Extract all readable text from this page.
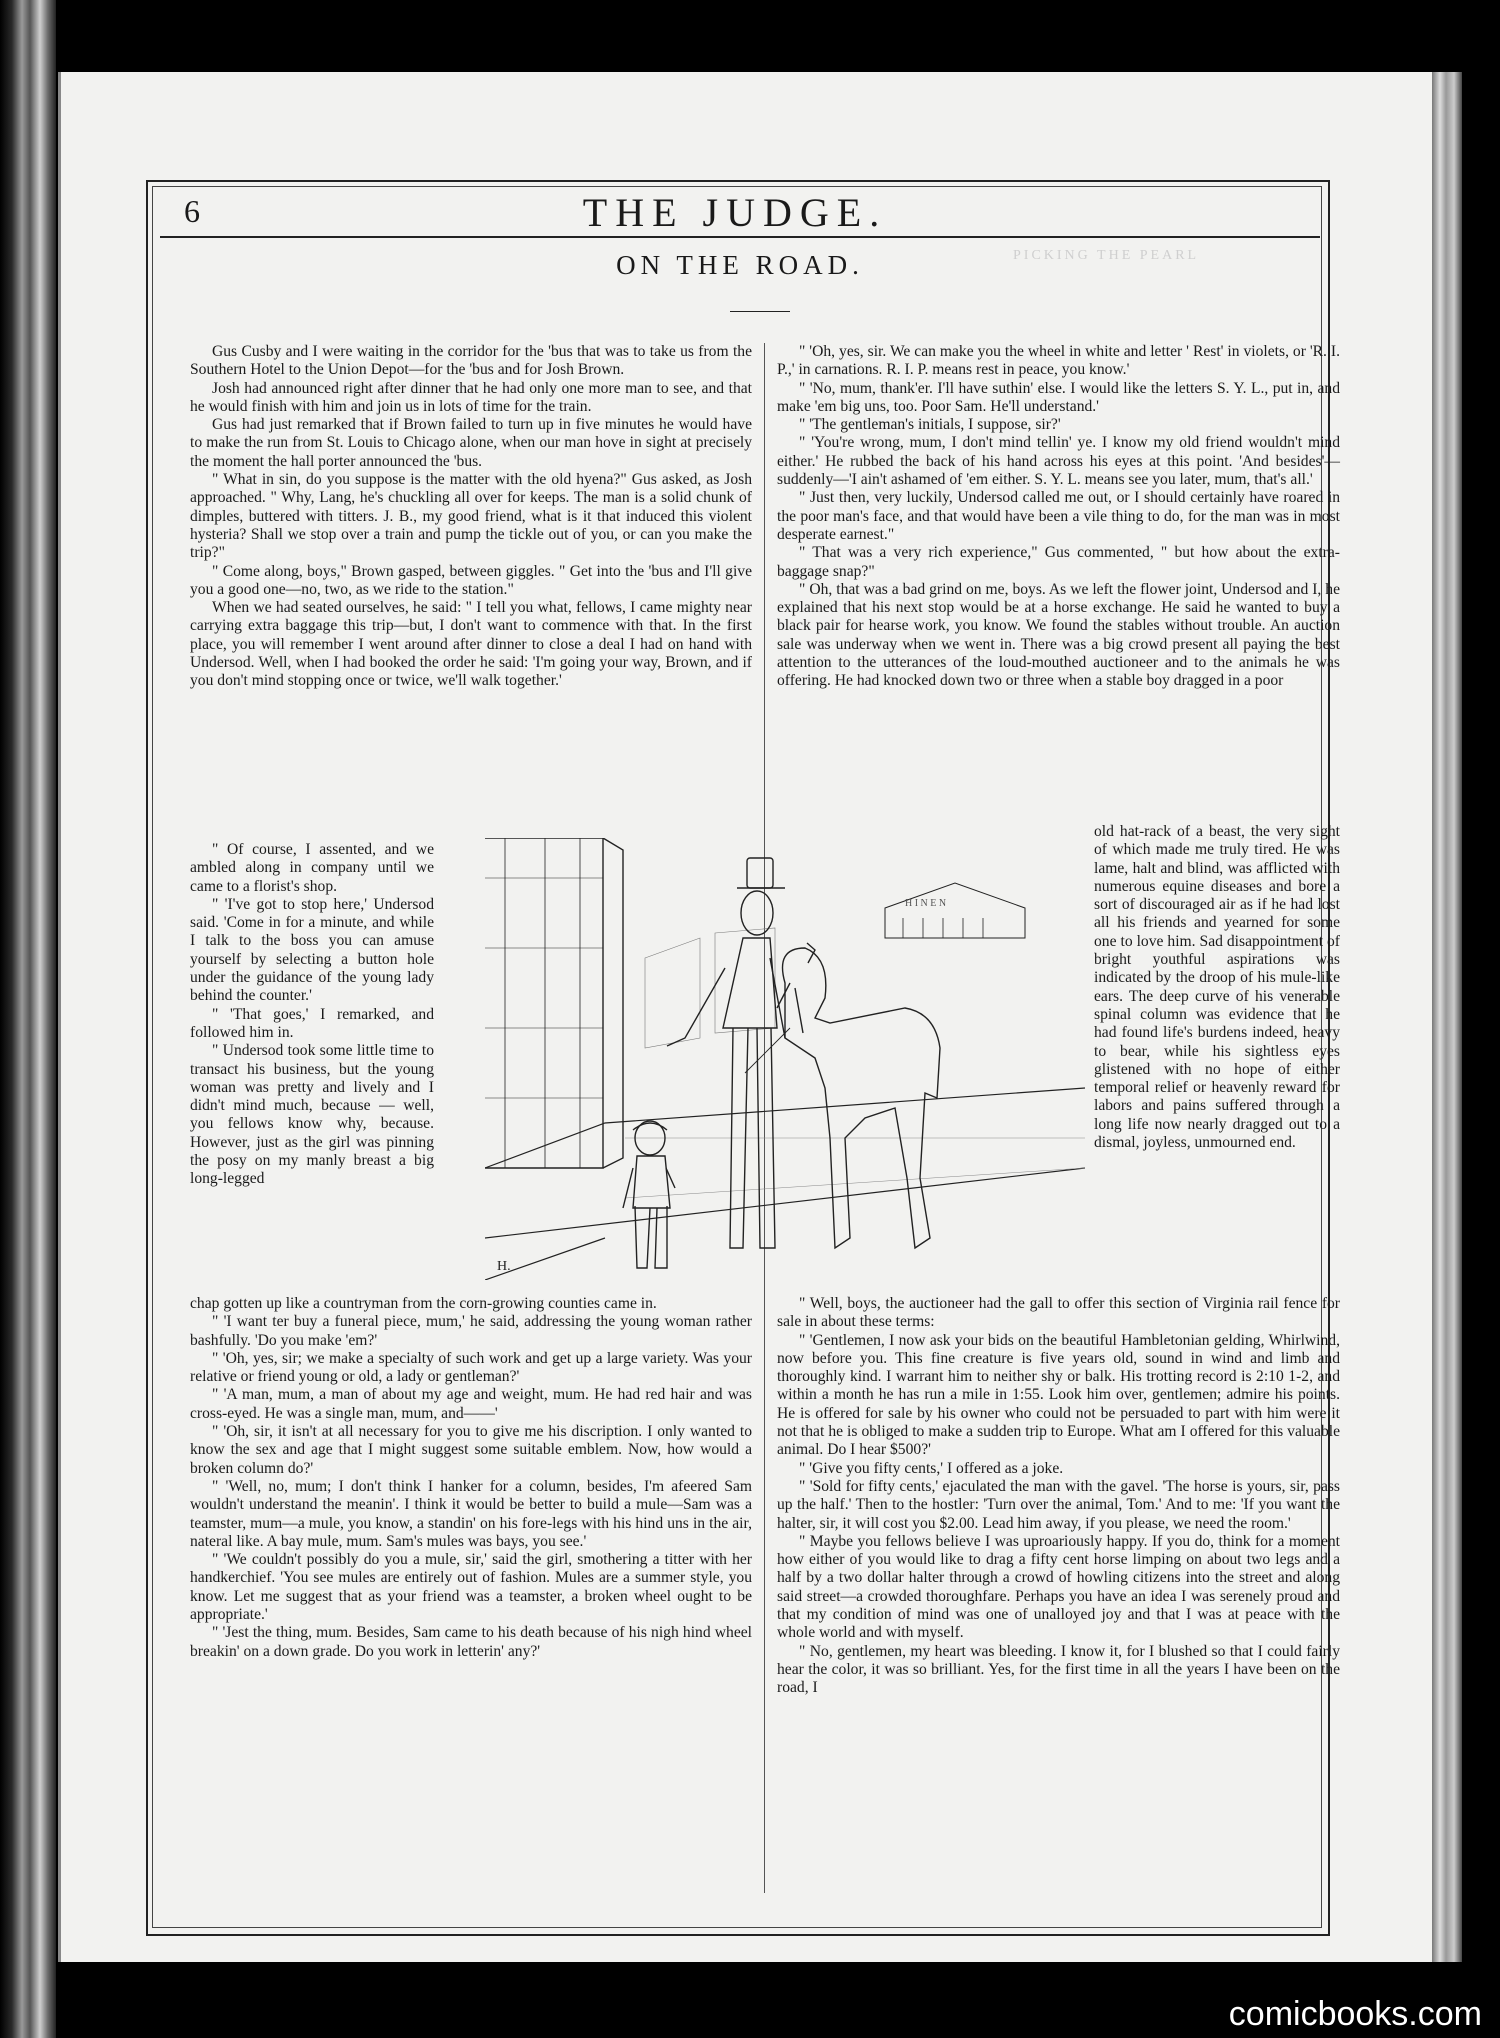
PICKING THE PEARL
6	THE JUDGE.
ON THE ROAD.

Gus Cusby and I were waiting in the corridor for the 'bus that was to take us from the Southern Hotel to the Union Depot—for the 'bus and for Josh Brown.

Josh had announced right after dinner that he had only one more man to see, and that he would finish with him and join us in lots of time for the train.

Gus had just remarked that if Brown failed to turn up in five minutes he would have to make the run from St. Louis to Chicago alone, when our man hove in sight at precisely the moment the hall porter announced the 'bus.

" What in sin, do you suppose is the matter with the old hyena?" Gus asked, as Josh approached. " Why, Lang, he's chuckling all over for keeps. The man is a solid chunk of dimples, buttered with titters. J. B., my good friend, what is it that induced this violent hysteria? Shall we stop over a train and pump the tickle out of you, or can you make the trip?"

" Come along, boys," Brown gasped, between giggles. " Get into the 'bus and I'll give you a good one—no, two, as we ride to the station."

When we had seated ourselves, he said: " I tell you what, fellows, I came mighty near carrying extra baggage this trip—but, I don't want to commence with that. In the first place, you will remember I went around after dinner to close a deal I had on hand with Undersod. Well, when I had booked the order he said: 'I'm going your way, Brown, and if you don't mind stopping once or twice, we'll walk together.'

" Of course, I assented, and we ambled along in company until we came to a florist's shop.

" 'I've got to stop here,' Undersod said. 'Come in for a minute, and while I talk to the boss you can amuse yourself by selecting a button hole under the guidance of the young lady behind the counter.'

" 'That goes,' I remarked, and followed him in.

" Undersod took some little time to transact his business, but the young woman was pretty and lively and I didn't mind much, because — well, you fellows know why, because. However, just as the girl was pinning the posy on my manly breast a big long-legged

chap gotten up like a countryman from the corn-growing counties came in.

" 'I want ter buy a funeral piece, mum,' he said, addressing the young woman rather bashfully. 'Do you make 'em?'

" 'Oh, yes, sir; we make a specialty of such work and get up a large variety. Was your relative or friend young or old, a lady or gentleman?'

" 'A man, mum, a man of about my age and weight, mum. He had red hair and was cross-eyed. He was a single man, mum, and——'

" 'Oh, sir, it isn't at all necessary for you to give me his discription. I only wanted to know the sex and age that I might suggest some suitable emblem. Now, how would a broken column do?'

" 'Well, no, mum; I don't think I hanker for a column, besides, I'm afeered Sam wouldn't understand the meanin'. I think it would be better to build a mule—Sam was a teamster, mum—a mule, you know, a standin' on his fore-legs with his hind uns in the air, nateral like. A bay mule, mum. Sam's mules was bays, you see.'

" 'We couldn't possibly do you a mule, sir,' said the girl, smothering a titter with her handkerchief. 'You see mules are entirely out of fashion. Mules are a summer style, you know. Let me suggest that as your friend was a teamster, a broken wheel ought to be appropriate.'

" 'Jest the thing, mum. Besides, Sam came to his death because of his nigh hind wheel breakin' on a down grade. Do you work in letterin' any?'

" 'Oh, yes, sir. We can make you the wheel in white and letter ' Rest' in violets, or 'R. I. P.,' in carnations. R. I. P. means rest in peace, you know.'

" 'No, mum, thank'er. I'll have suthin' else. I would like the letters S. Y. L., put in, and make 'em big uns, too. Poor Sam. He'll understand.'

" 'The gentleman's initials, I suppose, sir?'

" 'You're wrong, mum, I don't mind tellin' ye. I know my old friend wouldn't mind either.' He rubbed the back of his hand across his eyes at this point. 'And besides'—suddenly—'I ain't ashamed of 'em either. S. Y. L. means see you later, mum, that's all.'

" Just then, very luckily, Undersod called me out, or I should certainly have roared in the poor man's face, and that would have been a vile thing to do, for the man was in most desperate earnest."

" That was a very rich experience," Gus commented, " but how about the extra-baggage snap?"

" Oh, that was a bad grind on me, boys. As we left the flower joint, Undersod and I, he explained that his next stop would be at a horse exchange. He said he wanted to buy a black pair for hearse work, you know. We found the stables without trouble. An auction sale was underway when we went in. There was a big crowd present all paying the best attention to the utterances of the loud-mouthed auctioneer and to the animals he was offering. He had knocked down two or three when a stable boy dragged in a poor

old hat-rack of a beast, the very sight of which made me truly tired. He was lame, halt and blind, was afflicted with numerous equine diseases and bore a sort of discouraged air as if he had lost all his friends and yearned for some one to love him. Sad disappointment of bright youthful aspirations was indicated by the droop of his mule-like ears. The deep curve of his venerable spinal column was evidence that he had found life's burdens indeed, heavy to bear, while his sightless eyes glistened with no hope of either temporal relief or heavenly reward for labors and pains suffered through a long life now nearly dragged out to a dismal, joyless, unmourned end.

" Well, boys, the auctioneer had the gall to offer this section of Virginia rail fence for sale in about these terms:

" 'Gentlemen, I now ask your bids on the beautiful Hambletonian gelding, Whirlwind, now before you. This fine creature is five years old, sound in wind and limb and thoroughly kind. I warrant him to neither shy or balk. His trotting record is 2:10 1-2, and within a month he has run a mile in 1:55. Look him over, gentlemen; admire his points. He is offered for sale by his owner who could not be persuaded to part with him were it not that he is obliged to make a sudden trip to Europe. What am I offered for this valuable animal. Do I hear $500?'

" 'Give you fifty cents,' I offered as a joke.

" 'Sold for fifty cents,' ejaculated the man with the gavel. 'The horse is yours, sir, pass up the half.' Then to the hostler: 'Turn over the animal, Tom.' And to me: 'If you want the halter, sir, it will cost you $2.00. Lead him away, if you please, we need the room.'

" Maybe you fellows believe I was uproariously happy. If you do, think for a moment how either of you would like to drag a fifty cent horse limping on about two legs and a half by a two dollar halter through a crowd of howling citizens into the street and along said street—a crowded thoroughfare. Perhaps you have an idea I was serenely proud and that my condition of mind was one of unalloyed joy and that I was at peace with the whole world and with myself.

" No, gentlemen, my heart was bleeding. I know it, for I blushed so that I could fairly hear the color, it was so brilliant. Yes, for the first time in all the years I have been on the road, I

H.
H I N E N
comicbooks.com
